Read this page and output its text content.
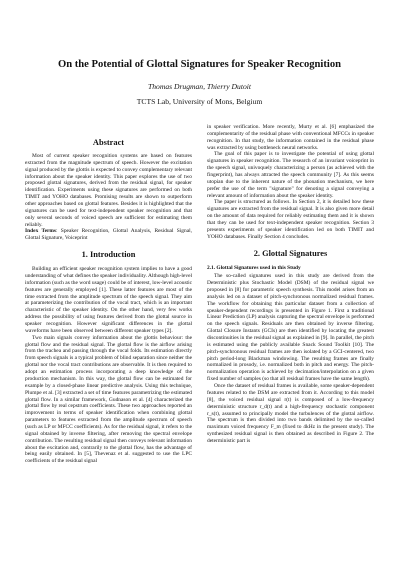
On the Potential of Glottal Signatures for Speaker Recognition

Thomas Drugman, Thierry Dutoit

TCTS Lab, University of Mons, Belgium

Abstract

Most of current speaker recognition systems are based on features extracted from the magnitude spectrum of speech. However the excitation signal produced by the glottis is expected to convey complementary relevant information about the speaker identity. This paper explores the use of two proposed glottal signatures, derived from the residual signal, for speaker identification. Experiments using these signatures are performed on both TIMIT and YOHO databases. Promising results are shown to outperform other approaches based on glottal features. Besides it is highlighted that the signatures can be used for text-independent speaker recognition and that only several seconds of voiced speech are sufficient for estimating them reliably.

Index Terms: Speaker Recognition, Glottal Analysis, Residual Signal, Glottal Signature, Voiceprint

1. Introduction

Building an efficient speaker recognition system implies to have a good understanding of what defines the speaker individuality. Although high-level information (such as the word usage) could be of interest, low-level acoustic features are generally employed [1]. These latter features are most of the time extracted from the amplitude spectrum of the speech signal. They aim at parameterizing the contribution of the vocal tract, which is an important characteristic of the speaker identity. On the other hand, very few works address the possibility of using features derived from the glottal source in speaker recognition. However significant differences in the glottal waveforms have been observed between different speaker types [2].

Two main signals convey information about the glottis behaviour: the glottal flow and the residual signal. The glottal flow is the airflow arising from the trachea and passing through the vocal folds. Its estimation directly from speech signals is a typical problem of blind separation since neither the glottal nor the vocal tract contributions are observable. It is then required to adopt an estimation process incorporating a deep knowledge of the production mechanism. In this way, the glottal flow can be estimated for example by a closed-phase linear predictive analysis. Using this technique, Plumpe et al. [3] extracted a set of time features parametrizing the estimated glottal flow. In a similar framework, Gudnason et al. [4] characterized the glottal flow by real cepstrum coefficients. These two approaches reported an improvement in terms of speaker identification when combining glottal parameters to features extracted from the amplitude spectrum of speech (such as LP or MFCC coefficients). As for the residual signal, it refers to the signal obtained by inverse filtering, after removing the spectral envelope contribution. The resulting residual signal then conveys relevant information about the excitation and, contrarily to the glottal flow, has the advantage of being easily obtained. In [5], Thevenaz et al. suggested to use the LPC coefficients of the residual signal

in speaker verification. More recently, Murty et al. [6] emphasized the complementarity of the residual phase with conventional MFCCs in speaker recognition. In that study, the information contained in the residual phase was extracted by using bottleneck neural networks.

The goal of this paper is to investigate the potential of using glottal signatures in speaker recognition. The research of an invariant voiceprint in the speech signal, univoquely characterizing a person (as achieved with the fingerprint), has always attracted the speech community [7]. As this seems utopian due to the inherent nature of the phonation mechanism, we here prefer the use of the term "signature" for denoting a signal conveying a relevant amount of information about the speaker identity.

The paper is structured as follows. In Section 2, it is detailed how these signatures are extracted from the residual signal. It is also given more detail on the amount of data required for reliably estimating them and it is shown that they can be used for text-independent speaker recognition. Section 3 presents experiments of speaker identification led on both TIMIT and YOHO databases. Finally Section 4 concludes.

2. Glottal Signatures
2.1. Glottal Signatures used in this Study

The so-called signatures used in this study are derived from the Deterministic plus Stochastic Model (DSM) of the residual signal we proposed in [8] for parametric speech synthesis. This model arises from an analysis led on a dataset of pitch-synchronous normalized residual frames. The workflow for obtaining this particular dataset from a collection of speaker-dependent recordings is presented in Figure 1. First a traditional Linear Prediction (LP) analysis capturing the spectral envelope is performed on the speech signals. Residuals are then obtained by inverse filtering. Glottal Closure Instants (GCIs) are then identified by locating the greatest discontinuities in the residual signal as explained in [9]. In parallel, the pitch is estimated using the publicly available Snack Sound Toolkit [10]. The pitch-synchronous residual frames are then isolated by a GCI-centered, two pitch period-long Blackman windowing. The resulting frames are finally normalized in prosody, i.e. normalized both in pitch and energy. The pitch-normalization operation is achieved by decimation/interpolation on a given fixed number of samples (so that all residual frames have the same length).

Once the dataset of residual frames is available, some speaker-dependent features related to the DSM are extracted from it. According to this model [8], the voiced residual signal r(t) is composed of a low-frequency deterministic structure r_d(t) and a high-frequency stochastic component r_s(t), assumed to principally model the turbulences of the glottal airflow. The spectrum is then divided into two bands delimited by the so-called maximum voiced frequency F_m (fixed to 4kHz in the present study). The synthesized residual signal is then obtained as described in Figure 2. The deterministic part is
